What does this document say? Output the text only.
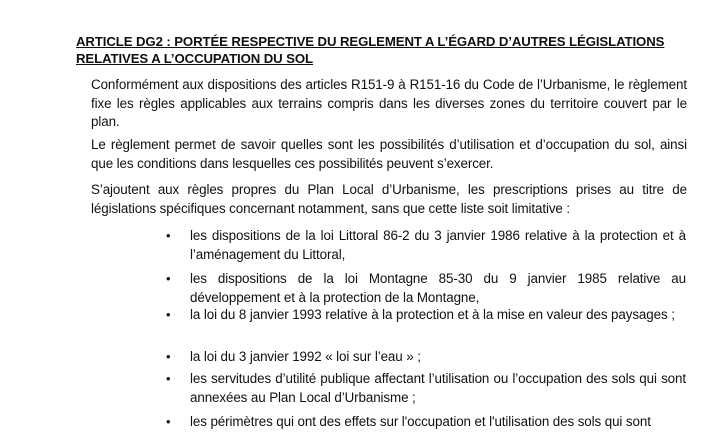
ARTICLE DG2 : PORTÉE RESPECTIVE DU REGLEMENT A L’ÉGARD D’AUTRES LÉGISLATIONS RELATIVES A L’OCCUPATION DU SOL
Conformément aux dispositions des articles R151-9 à R151-16 du Code de l’Urbanisme, le règlement fixe les règles applicables aux terrains compris dans les diverses zones du territoire couvert par le plan.
Le règlement permet de savoir quelles sont les possibilités d’utilisation et d’occupation du sol, ainsi que les conditions dans lesquelles ces possibilités peuvent s’exercer.
S’ajoutent aux règles propres du Plan Local d’Urbanisme, les prescriptions prises au titre de législations spécifiques concernant notamment, sans que cette liste soit limitative :
• les dispositions de la loi Littoral 86-2 du 3 janvier 1986 relative à la protection et à l’aménagement du Littoral,
• les dispositions de la loi Montagne 85-30 du 9 janvier 1985 relative au développement et à la protection de la Montagne,
• la loi du 8 janvier 1993 relative à la protection et à la mise en valeur des paysages ;
• la loi du 3 janvier 1992 « loi sur l’eau » ;
• les servitudes d’utilité publique affectant l’utilisation ou l’occupation des sols qui sont annexées au Plan Local d’Urbanisme ;
• les périmètres qui ont des effets sur l'occupation et l'utilisation des sols qui sont
